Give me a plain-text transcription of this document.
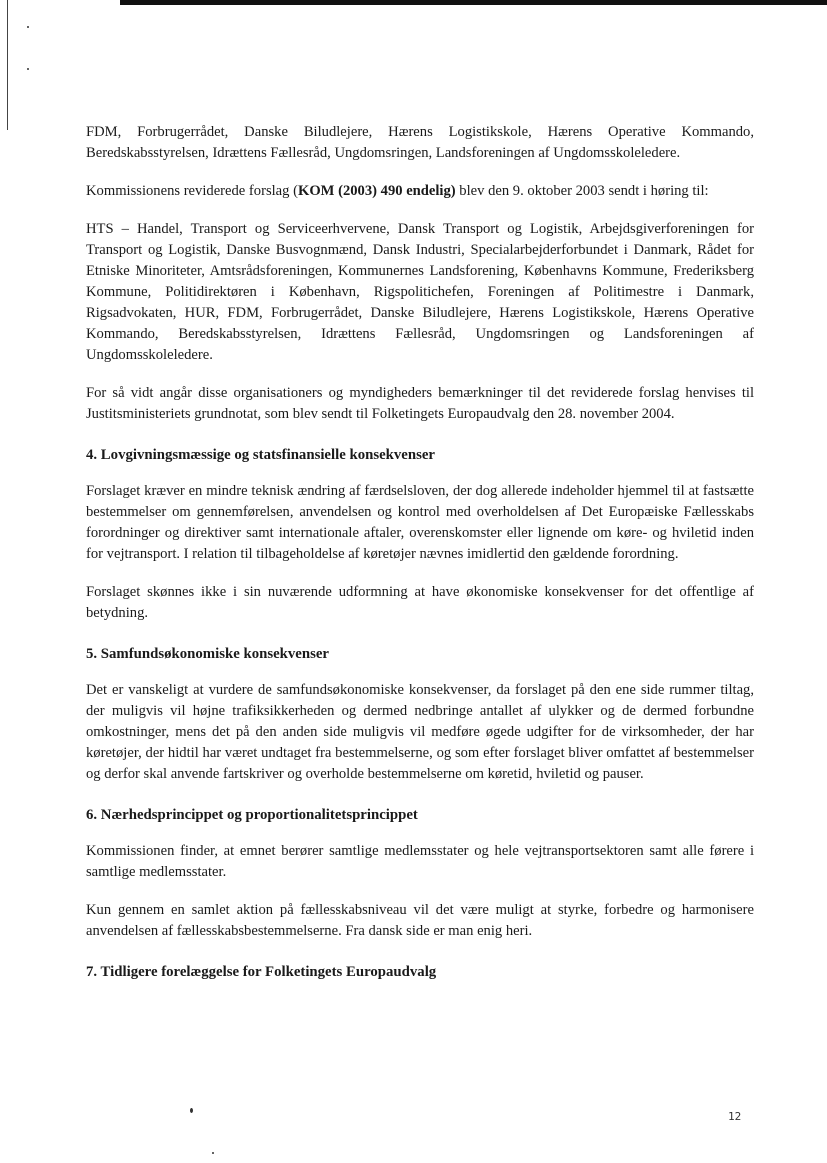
FDM, Forbrugerrådet, Danske Biludlejere, Hærens Logistikskole, Hærens Operative Kommando, Beredskabsstyrelsen, Idrættens Fællesråd, Ungdomsringen, Landsforeningen af Ungdomsskoleledere.

Kommissionens reviderede forslag (KOM (2003) 490 endelig) blev den 9. oktober 2003 sendt i høring til:

HTS – Handel, Transport og Serviceerhvervene, Dansk Transport og Logistik, Arbejdsgiverforeningen for Transport og Logistik, Danske Busvognmænd, Dansk Industri, Specialarbejderforbundet i Danmark, Rådet for Etniske Minoriteter, Amtsrådsforeningen, Kommunernes Landsforening, Københavns Kommune, Frederiksberg Kommune, Politidirektøren i København, Rigspolitichefen, Foreningen af Politimestre i Danmark, Rigsadvokaten, HUR, FDM, Forbrugerrådet, Danske Biludlejere, Hærens Logistikskole, Hærens Operative Kommando, Beredskabsstyrelsen, Idrættens Fællesråd, Ungdomsringen og Landsforeningen af Ungdomsskoleledere.

For så vidt angår disse organisationers og myndigheders bemærkninger til det reviderede forslag henvises til Justitsministeriets grundnotat, som blev sendt til Folketingets Europaudvalg den 28. november 2004.

4. Lovgivningsmæssige og statsfinansielle konsekvenser

Forslaget kræver en mindre teknisk ændring af færdselsloven, der dog allerede indeholder hjemmel til at fastsætte bestemmelser om gennemførelsen, anvendelsen og kontrol med overholdelsen af Det Europæiske Fællesskabs forordninger og direktiver samt internationale aftaler, overenskomster eller lignende om køre- og hviletid inden for vejtransport. I relation til tilbageholdelse af køretøjer nævnes imidlertid den gældende forordning.

Forslaget skønnes ikke i sin nuværende udformning at have økonomiske konsekvenser for det offentlige af betydning.

5. Samfundsøkonomiske konsekvenser

Det er vanskeligt at vurdere de samfundsøkonomiske konsekvenser, da forslaget på den ene side rummer tiltag, der muligvis vil højne trafiksikkerheden og dermed nedbringe antallet af ulykker og de dermed forbundne omkostninger, mens det på den anden side muligvis vil medføre øgede udgifter for de virksomheder, der har køretøjer, der hidtil har været undtaget fra bestemmelserne, og som efter forslaget bliver omfattet af bestemmelser og derfor skal anvende fartskriver og overholde bestemmelserne om køretid, hviletid og pauser.

6. Nærhedsprincippet og proportionalitetsprincippet

Kommissionen finder, at emnet berører samtlige medlemsstater og hele vejtransportsektoren samt alle førere i samtlige medlemsstater.

Kun gennem en samlet aktion på fællesskabsniveau vil det være muligt at styrke, forbedre og harmonisere anvendelsen af fællesskabsbestemmelserne. Fra dansk side er man enig heri.

7. Tidligere forelæggelse for Folketingets Europaudvalg
12
